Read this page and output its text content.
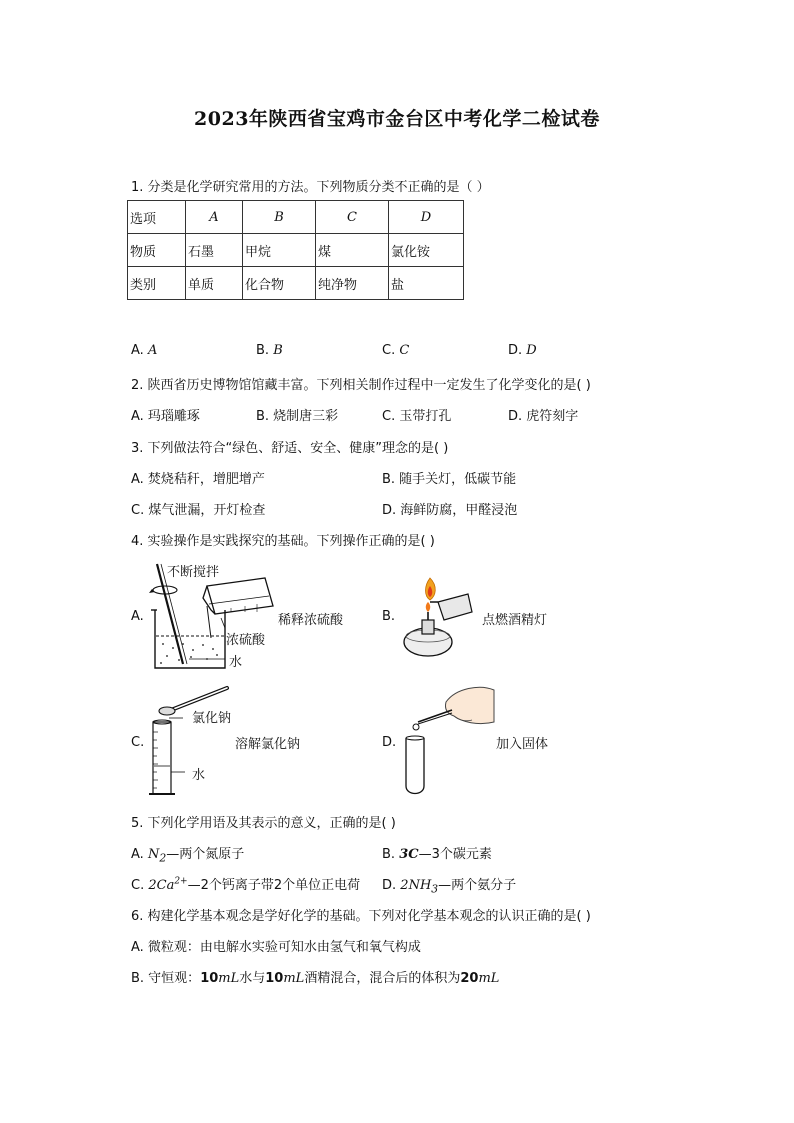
2023年陕西省宝鸡市金台区中考化学二检试卷
1. 分类是化学研究常用的方法。下列物质分类不正确的是（ ）
选项	A	B	C	D
物质	石墨	甲烷	煤	氯化铵
类别	单质	化合物	纯净物	盐
A. A	B. B	C. C	D. D
2. 陕西省历史博物馆馆藏丰富。下列相关制作过程中一定发生了化学变化的是( )
A. 玛瑙雕琢	B. 烧制唐三彩	C. 玉带打孔	D. 虎符刻字
3. 下列做法符合“绿色、舒适、安全、健康”理念的是( )
A. 焚烧秸秆，增肥增产	B. 随手关灯，低碳节能
C. 煤气泄漏，开灯检查	D. 海鲜防腐，甲醛浸泡
4. 实验操作是实践探究的基础。下列操作正确的是( )
A.
不断搅拌
浓硫酸
水
稀释浓硫酸	B.	点燃酒精灯
C.
氯化钠
水
溶解氯化钠	D.	加入固体
5. 下列化学用语及其表示的意义，正确的是( )
A. $N_2—$两个氮原子	B. 3C—3个碳元素
C. $2Ca^{2+}—2$个钙离子带2个单位正电荷 D. $2NH_3—$两个氨分子
6. 构建化学基本观念是学好化学的基础。下列对化学基本观念的认识正确的是( )
A. 微粒观：由电解水实验可知水由氢气和氧气构成
B. 守恒观：10mL水与10mL酒精混合，混合后的体积为20mL
